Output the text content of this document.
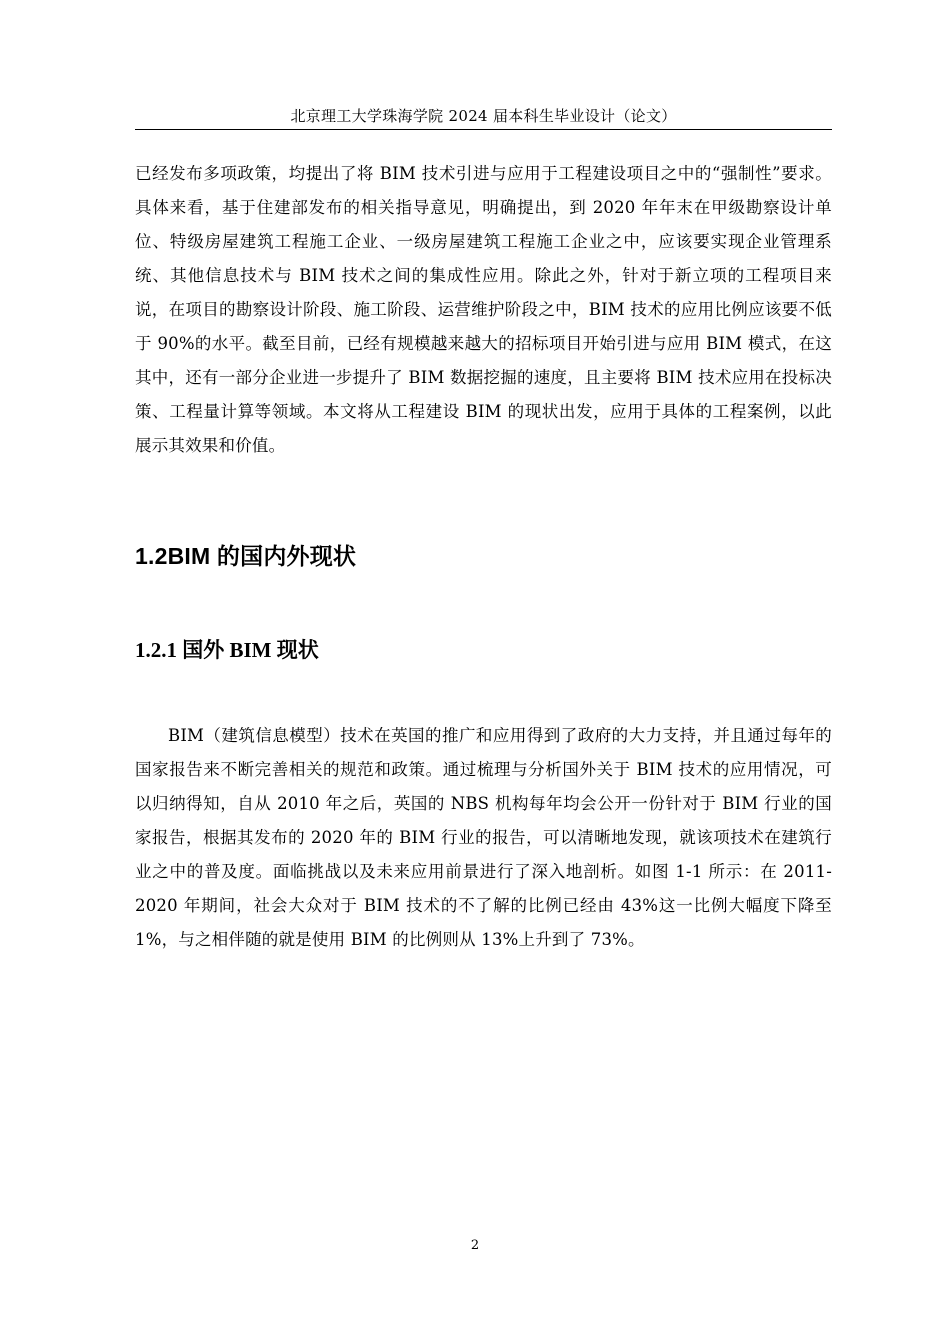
北京理工大学珠海学院 2024 届本科生毕业设计（论文）

已经发布多项政策，均提出了将 BIM 技术引进与应用于工程建设项目之中的“强制性”要求。具体来看，基于住建部发布的相关指导意见，明确提出，到 2020 年年末在甲级勘察设计单位、特级房屋建筑工程施工企业、一级房屋建筑工程施工企业之中，应该要实现企业管理系统、其他信息技术与 BIM 技术之间的集成性应用。除此之外，针对于新立项的工程项目来说，在项目的勘察设计阶段、施工阶段、运营维护阶段之中，BIM 技术的应用比例应该要不低于 90%的水平。截至目前，已经有规模越来越大的招标项目开始引进与应用 BIM 模式，在这其中，还有一部分企业进一步提升了 BIM 数据挖掘的速度，且主要将 BIM 技术应用在投标决策、工程量计算等领域。本文将从工程建设 BIM 的现状出发，应用于具体的工程案例，以此展示其效果和价值。

1.2BIM 的国内外现状
1.2.1 国外 BIM 现状

BIM（建筑信息模型）技术在英国的推广和应用得到了政府的大力支持，并且通过每年的国家报告来不断完善相关的规范和政策。通过梳理与分析国外关于 BIM 技术的应用情况，可以归纳得知，自从 2010 年之后，英国的 NBS 机构每年均会公开一份针对于 BIM 行业的国家报告，根据其发布的 2020 年的 BIM 行业的报告，可以清晰地发现，就该项技术在建筑行业之中的普及度。面临挑战以及未来应用前景进行了深入地剖析。如图 1-1 所示：在 2011-2020 年期间，社会大众对于 BIM 技术的不了解的比例已经由 43%这一比例大幅度下降至 1%，与之相伴随的就是使用 BIM 的比例则从 13%上升到了 73%。

2
